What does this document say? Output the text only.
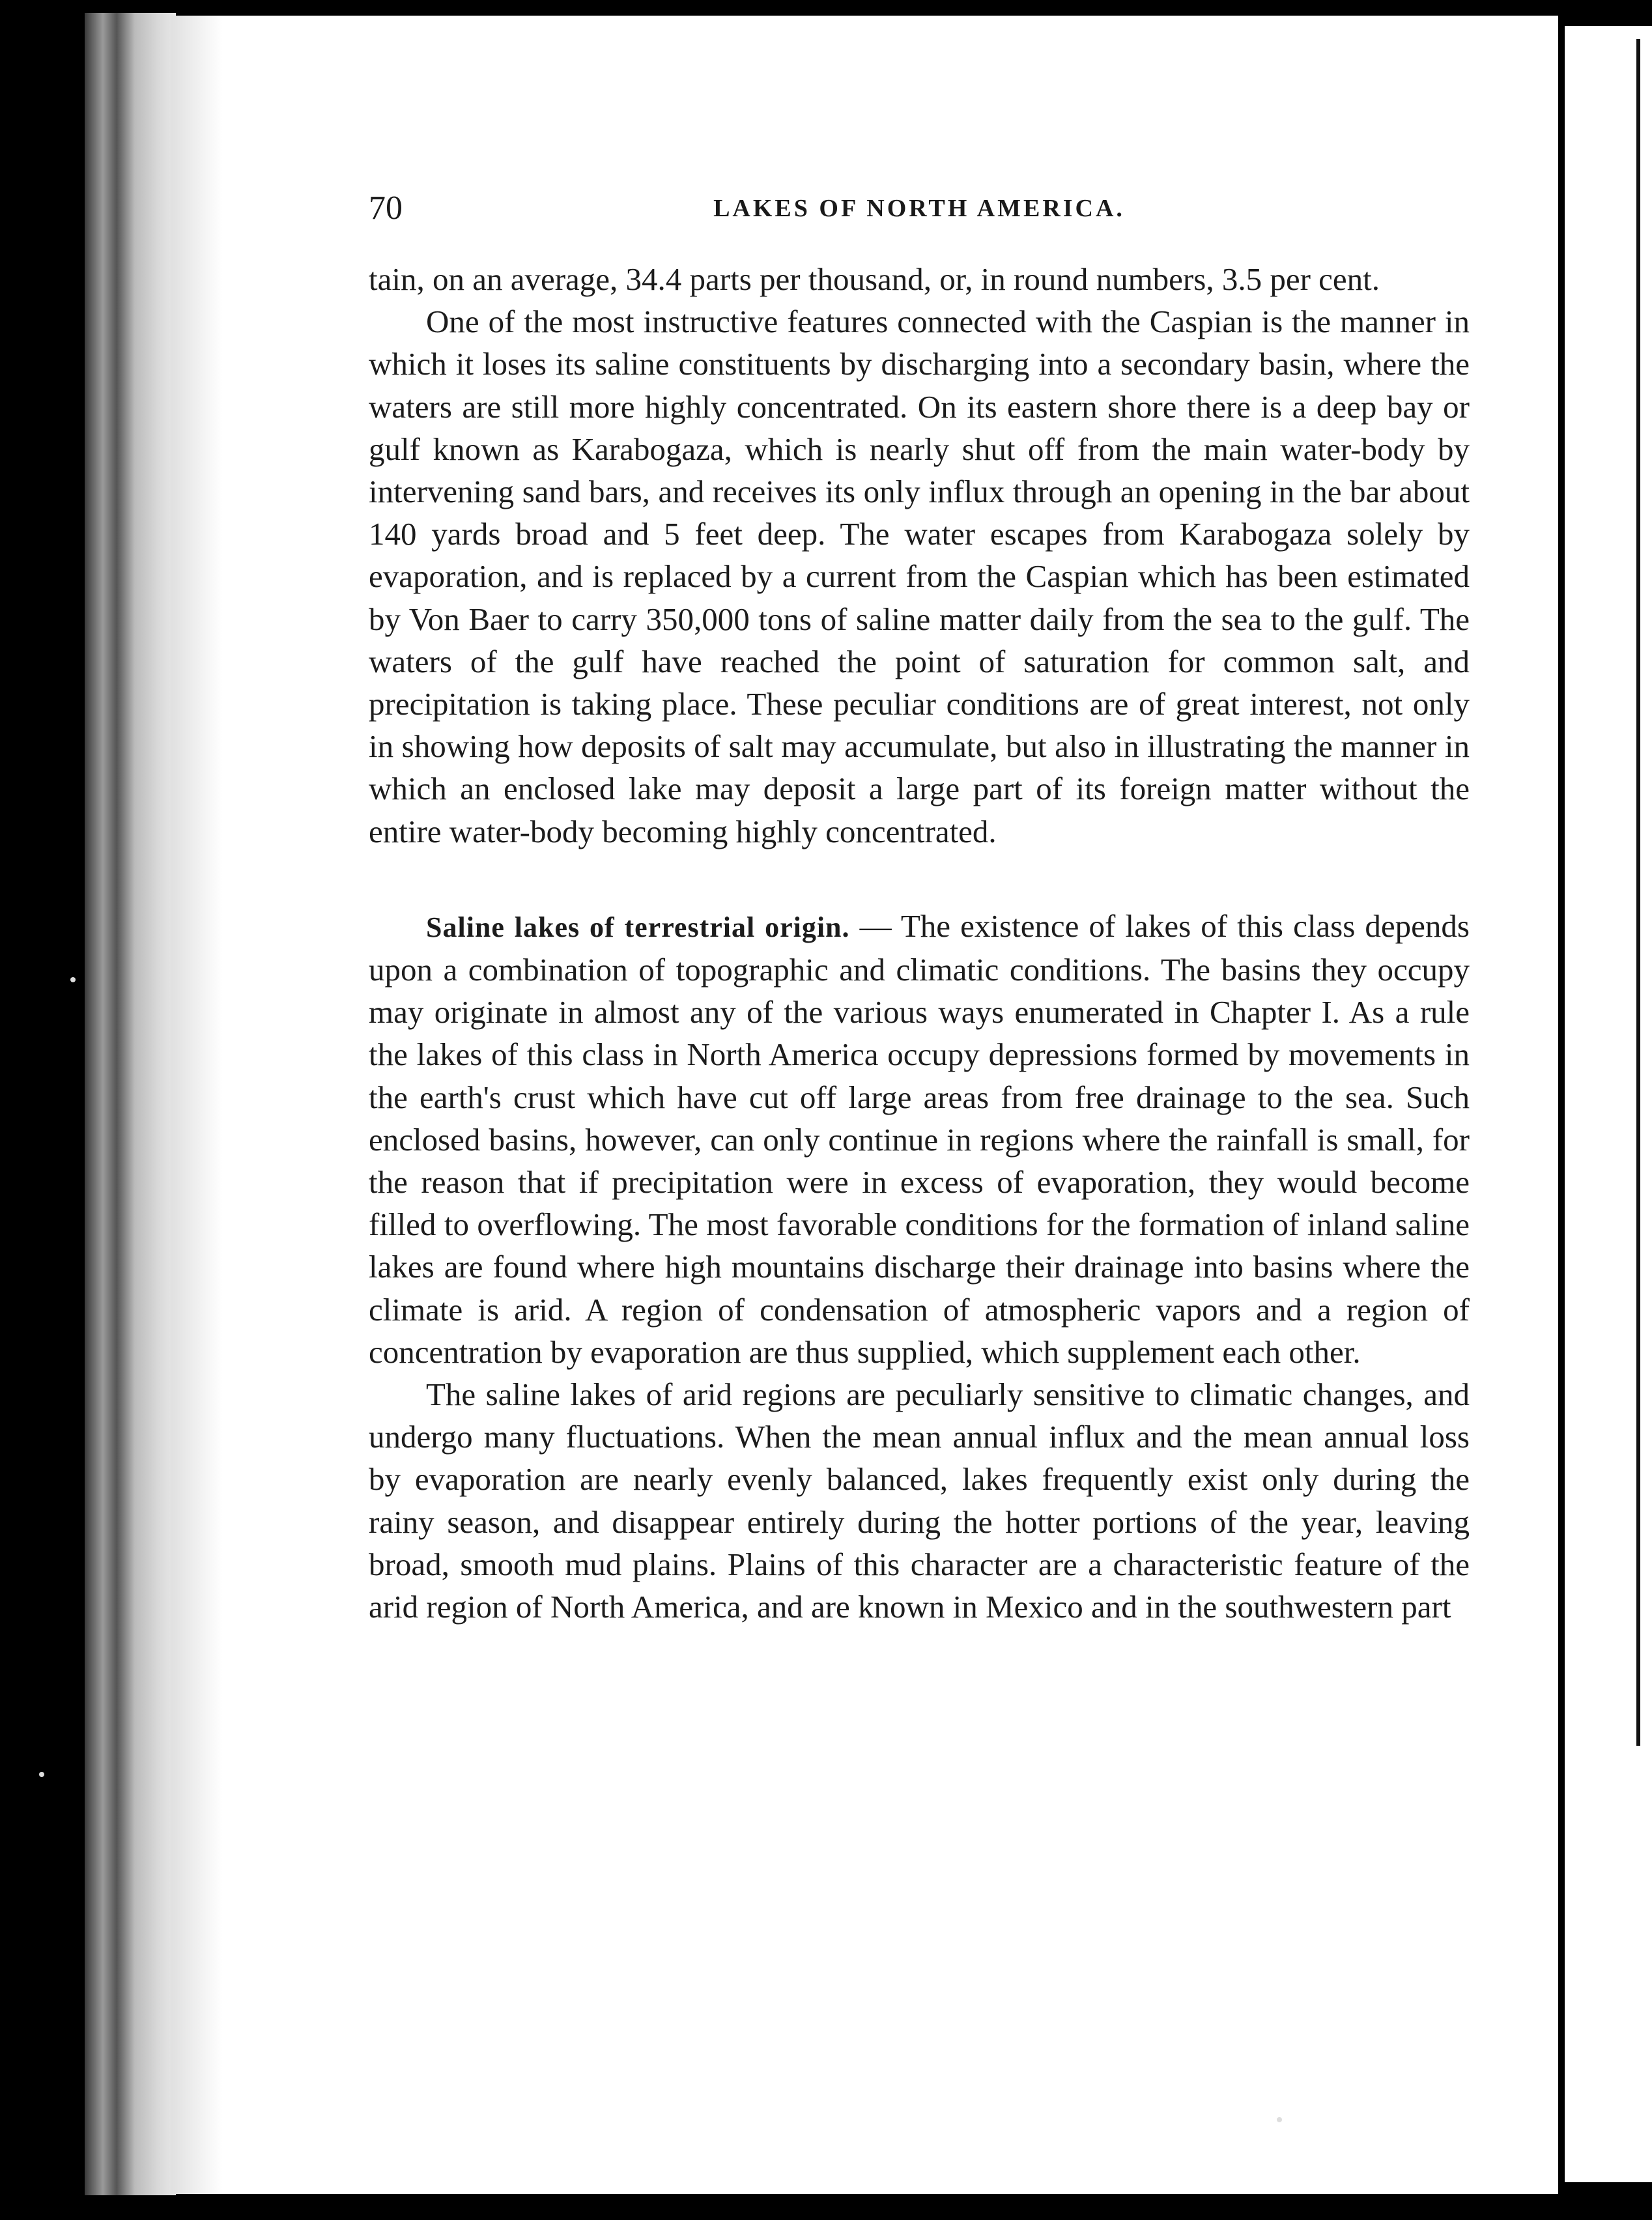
70	LAKES OF NORTH AMERICA.

tain, on an average, 34.4 parts per thousand, or, in round numbers, 3.5 per cent.

One of the most instructive features connected with the Caspian is the manner in which it loses its saline constituents by discharging into a secondary basin, where the waters are still more highly concentrated. On its eastern shore there is a deep bay or gulf known as Karabogaza, which is nearly shut off from the main water-body by intervening sand bars, and receives its only influx through an opening in the bar about 140 yards broad and 5 feet deep. The water escapes from Karabogaza solely by evaporation, and is replaced by a current from the Caspian which has been estimated by Von Baer to carry 350,000 tons of saline matter daily from the sea to the gulf. The waters of the gulf have reached the point of saturation for common salt, and precipitation is taking place. These peculiar conditions are of great interest, not only in showing how deposits of salt may accumulate, but also in illustrating the manner in which an enclosed lake may deposit a large part of its foreign matter without the entire water-body becoming highly concentrated.

Saline lakes of terrestrial origin. — The existence of lakes of this class depends upon a combination of topographic and climatic conditions. The basins they occupy may originate in almost any of the various ways enumerated in Chapter I. As a rule the lakes of this class in North America occupy depressions formed by movements in the earth's crust which have cut off large areas from free drainage to the sea. Such enclosed basins, however, can only continue in regions where the rainfall is small, for the reason that if precipitation were in excess of evaporation, they would become filled to overflowing. The most favorable conditions for the formation of inland saline lakes are found where high mountains discharge their drainage into basins where the climate is arid. A region of condensation of atmospheric vapors and a region of concentration by evaporation are thus supplied, which supplement each other.

The saline lakes of arid regions are peculiarly sensitive to climatic changes, and undergo many fluctuations. When the mean annual influx and the mean annual loss by evaporation are nearly evenly balanced, lakes frequently exist only during the rainy season, and disappear entirely during the hotter portions of the year, leaving broad, smooth mud plains. Plains of this character are a characteristic feature of the arid region of North America, and are known in Mexico and in the southwestern part
